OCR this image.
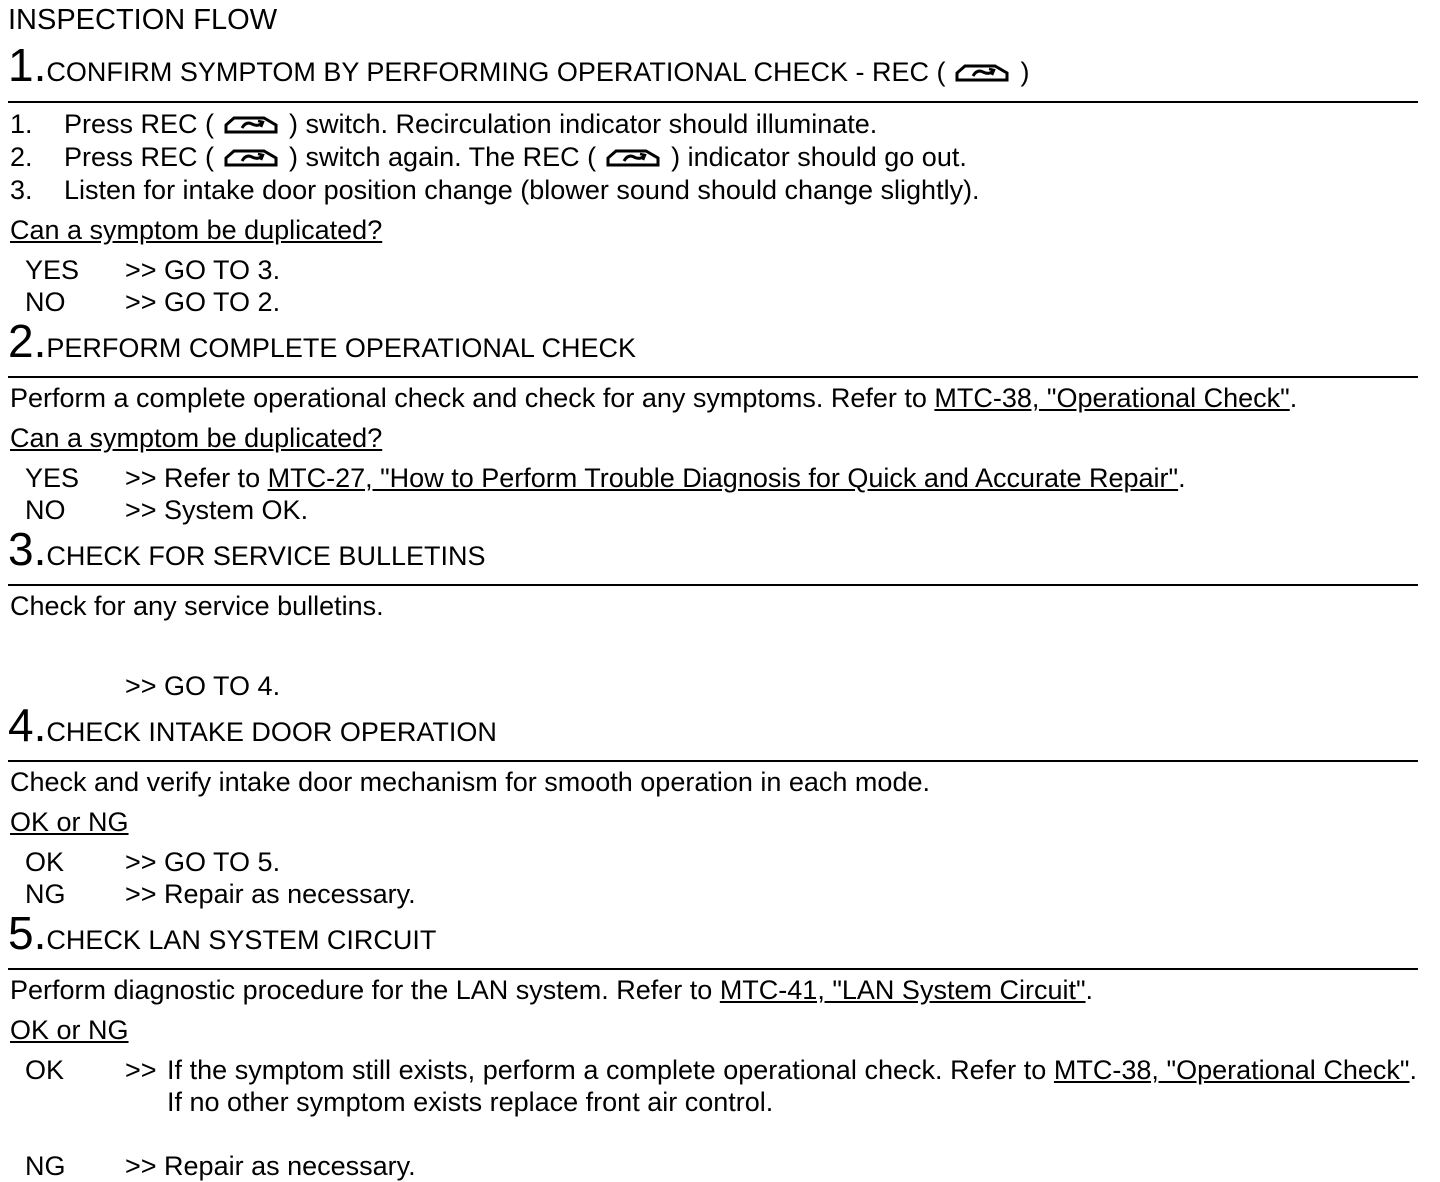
INSPECTION FLOW
1. CONFIRM SYMPTOM BY PERFORMING OPERATIONAL CHECK - REC (  )
1. Press REC (  ) switch. Recirculation indicator should illuminate.
2. Press REC (  ) switch again. The REC (  ) indicator should go out.
3. Listen for intake door position change (blower sound should change slightly).
Can a symptom be duplicated?
YES >> GO TO 3.
NO >> GO TO 2.
2. PERFORM COMPLETE OPERATIONAL CHECK
Perform a complete operational check and check for any symptoms. Refer to MTC-38, "Operational Check".
Can a symptom be duplicated?
YES >> Refer to MTC-27, "How to Perform Trouble Diagnosis for Quick and Accurate Repair".
NO >> System OK.
3. CHECK FOR SERVICE BULLETINS
Check for any service bulletins.
>> GO TO 4.
4. CHECK INTAKE DOOR OPERATION
Check and verify intake door mechanism for smooth operation in each mode.
OK or NG
OK >> GO TO 5.
NG >> Repair as necessary.
5. CHECK LAN SYSTEM CIRCUIT
Perform diagnostic procedure for the LAN system. Refer to MTC-41, "LAN System Circuit".
OK or NG
OK >> If the symptom still exists, perform a complete operational check. Refer to MTC-38, "Operational Check". If no other symptom exists replace front air control.
NG >> Repair as necessary.
